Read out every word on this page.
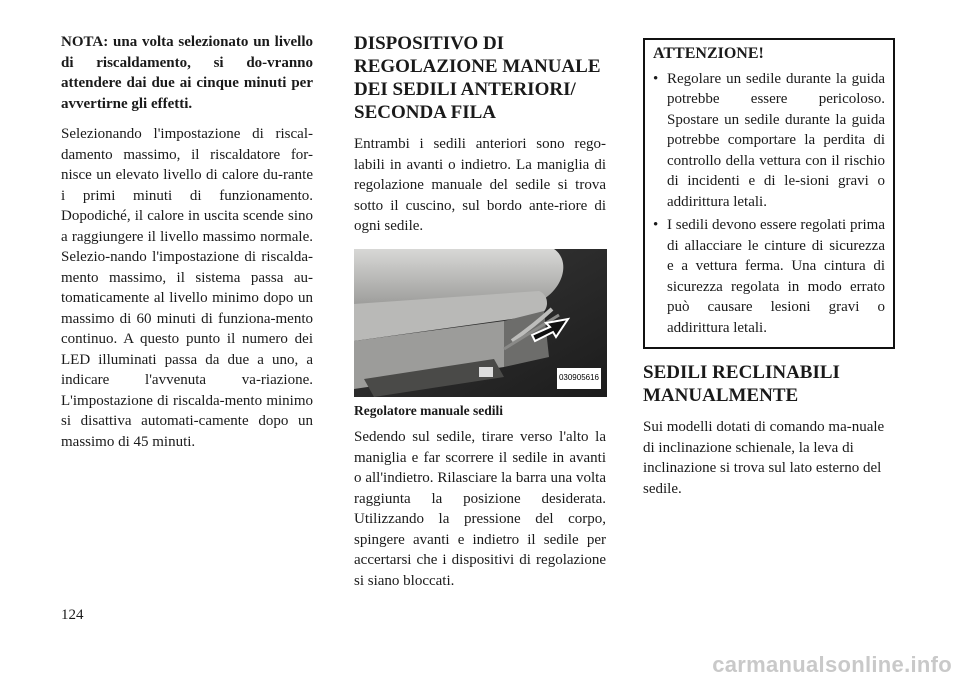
NOTA: una volta selezionato un livello di riscaldamento, si do-vranno attendere dai due ai cinque minuti per avvertirne gli effetti.

Selezionando l'impostazione di riscal-damento massimo, il riscaldatore for-nisce un elevato livello di calore du-rante i primi minuti di funzionamento. Dopodiché, il calore in uscita scende sino a raggiungere il livello massimo normale. Selezio-nando l'impostazione di riscalda-mento massimo, il sistema passa au-tomaticamente al livello minimo dopo un massimo di 60 minuti di funziona-mento continuo. A questo punto il numero dei LED illuminati passa da due a uno, a indicare l'avvenuta va-riazione. L'impostazione di riscalda-mento minimo si disattiva automati-camente dopo un massimo di 45 minuti.

DISPOSITIVO DI REGOLAZIONE MANUALE DEI SEDILI ANTERIORI/ SECONDA FILA

Entrambi i sedili anteriori sono rego-labili in avanti o indietro. La maniglia di regolazione manuale del sedile si trova sotto il cuscino, sul bordo ante-riore di ogni sedile.

030905616

Regolatore manuale sedili

Sedendo sul sedile, tirare verso l'alto la maniglia e far scorrere il sedile in avanti o all'indietro. Rilasciare la barra una volta raggiunta la posizione desiderata. Utilizzando la pressione del corpo, spingere avanti e indietro il sedile per accertarsi che i dispositivi di regolazione si siano bloccati.

ATTENZIONE!
• Regolare un sedile durante la guida potrebbe essere pericoloso. Spostare un sedile durante la guida potrebbe comportare la perdita di controllo della vettura con il rischio di incidenti e di le-sioni gravi o addirittura letali.
• I sedili devono essere regolati prima di allacciare le cinture di sicurezza e a vettura ferma. Una cintura di sicurezza regolata in modo errato può causare lesioni gravi o addirittura letali.
SEDILI RECLINABILI MANUALMENTE

Sui modelli dotati di comando ma-nuale di inclinazione schienale, la leva di inclinazione si trova sul lato esterno del sedile.

124
carmanualsonline.info
